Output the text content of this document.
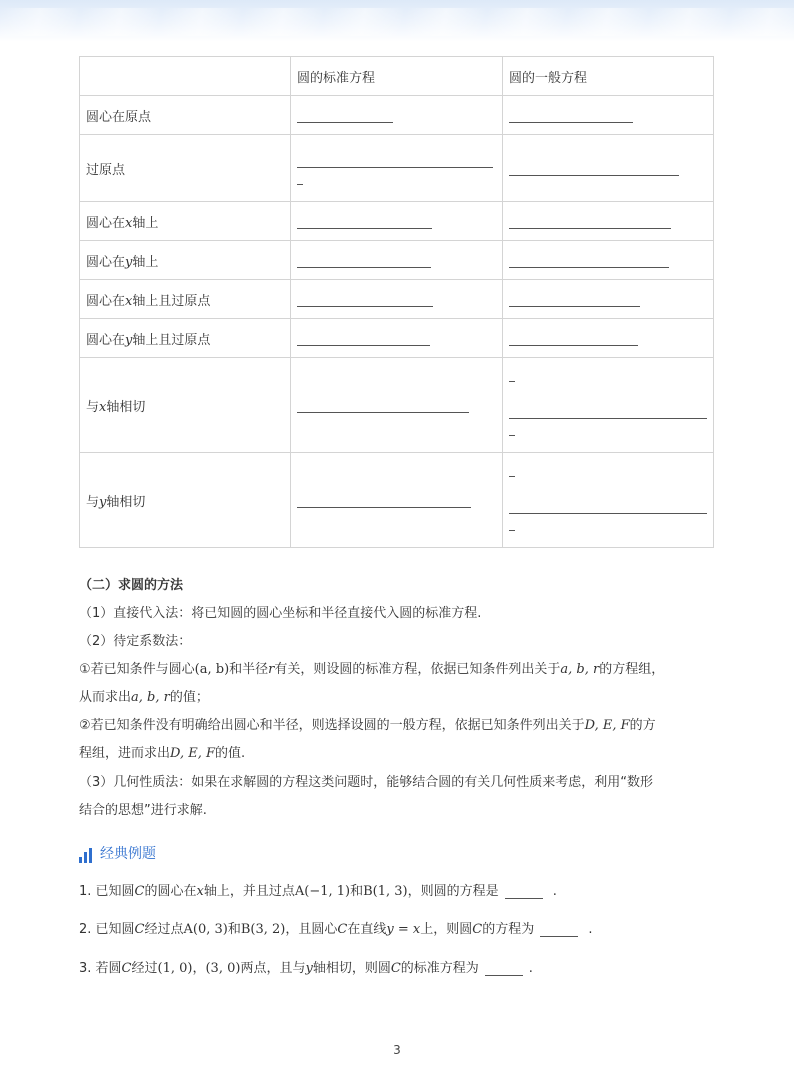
	圆的标准方程	圆的一般方程
圆心在原点		
过原点	

圆心在x轴上		
圆心在y轴上		
圆心在x轴上且过原点		
圆心在y轴上且过原点		
与x轴相切		

与y轴相切		

（二）求圆的方法
（1）直接代入法：将已知圆的圆心坐标和半径直接代入圆的标准方程.
（2）待定系数法：
①若已知条件与圆心(a, b)和半径r有关，则设圆的标准方程，依据已知条件列出关于a, b, r的方程组，
从而求出a, b, r的值；
②若已知条件没有明确给出圆心和半径，则选择设圆的一般方程，依据已知条件列出关于D, E, F的方
程组，进而求出D, E, F的值.
（3）几何性质法：如果在求解圆的方程这类问题时，能够结合圆的有关几何性质来考虑，利用“数形
结合的思想”进行求解.
经典例题
1. 已知圆C的圆心在x轴上，并且过点A(−1, 1)和B(1, 3)，则圆的方程是	.
2. 已知圆C经过点A(0, 3)和B(3, 2)，且圆心C在直线y = x上，则圆C的方程为	.
3. 若圆C经过(1, 0)，(3, 0)两点，且与y轴相切，则圆C的标准方程为	.
3
